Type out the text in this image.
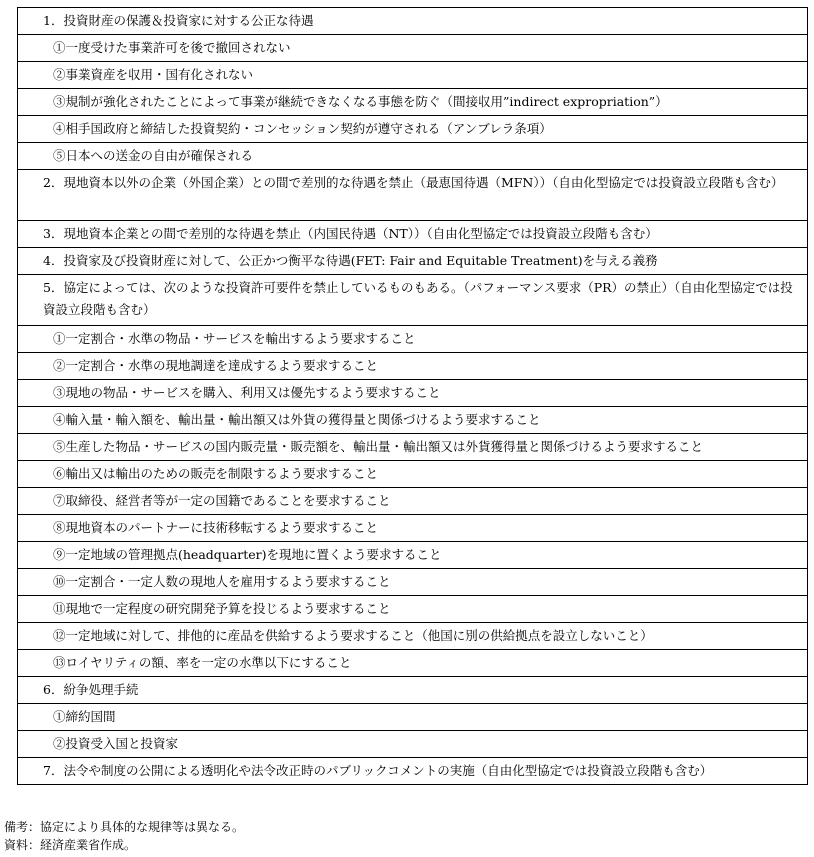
1．投資財産の保護＆投資家に対する公正な待遇
①一度受けた事業許可を後で撤回されない
②事業資産を収用・国有化されない
③規制が強化されたことによって事業が継続できなくなる事態を防ぐ（間接収用”indirect expropriation”）
④相手国政府と締結した投資契約・コンセッション契約が遵守される（アンブレラ条項）
⑤日本への送金の自由が確保される
2．現地資本以外の企業（外国企業）との間で差別的な待遇を禁止（最恵国待遇（MFN））（自由化型協定では投資設立段階も含む）
3．現地資本企業との間で差別的な待遇を禁止（内国民待遇（NT））（自由化型協定では投資設立段階も含む）
4．投資家及び投資財産に対して、公正かつ衡平な待遇(FET: Fair and Equitable Treatment)を与える義務
5．協定によっては、次のような投資許可要件を禁止しているものもある。（パフォーマンス要求（PR）の禁止）（自由化型協定では投資設立段階も含む）
①一定割合・水準の物品・サービスを輸出するよう要求すること
②一定割合・水準の現地調達を達成するよう要求すること
③現地の物品・サービスを購入、利用又は優先するよう要求すること
④輸入量・輸入額を、輸出量・輸出額又は外貨の獲得量と関係づけるよう要求すること
⑤生産した物品・サービスの国内販売量・販売額を、輸出量・輸出額又は外貨獲得量と関係づけるよう要求すること
⑥輸出又は輸出のための販売を制限するよう要求すること
⑦取締役、経営者等が一定の国籍であることを要求すること
⑧現地資本のパートナーに技術移転するよう要求すること
⑨一定地域の管理拠点(headquarter)を現地に置くよう要求すること
⑩一定割合・一定人数の現地人を雇用するよう要求すること
⑪現地で一定程度の研究開発予算を投じるよう要求すること
⑫一定地域に対して、排他的に産品を供給するよう要求すること（他国に別の供給拠点を設立しないこと）
⑬ロイヤリティの額、率を一定の水準以下にすること
6．紛争処理手続
①締約国間
②投資受入国と投資家
7．法令や制度の公開による透明化や法令改正時のパブリックコメントの実施（自由化型協定では投資設立段階も含む）
備考：協定により具体的な規律等は異なる。
資料：経済産業省作成。
